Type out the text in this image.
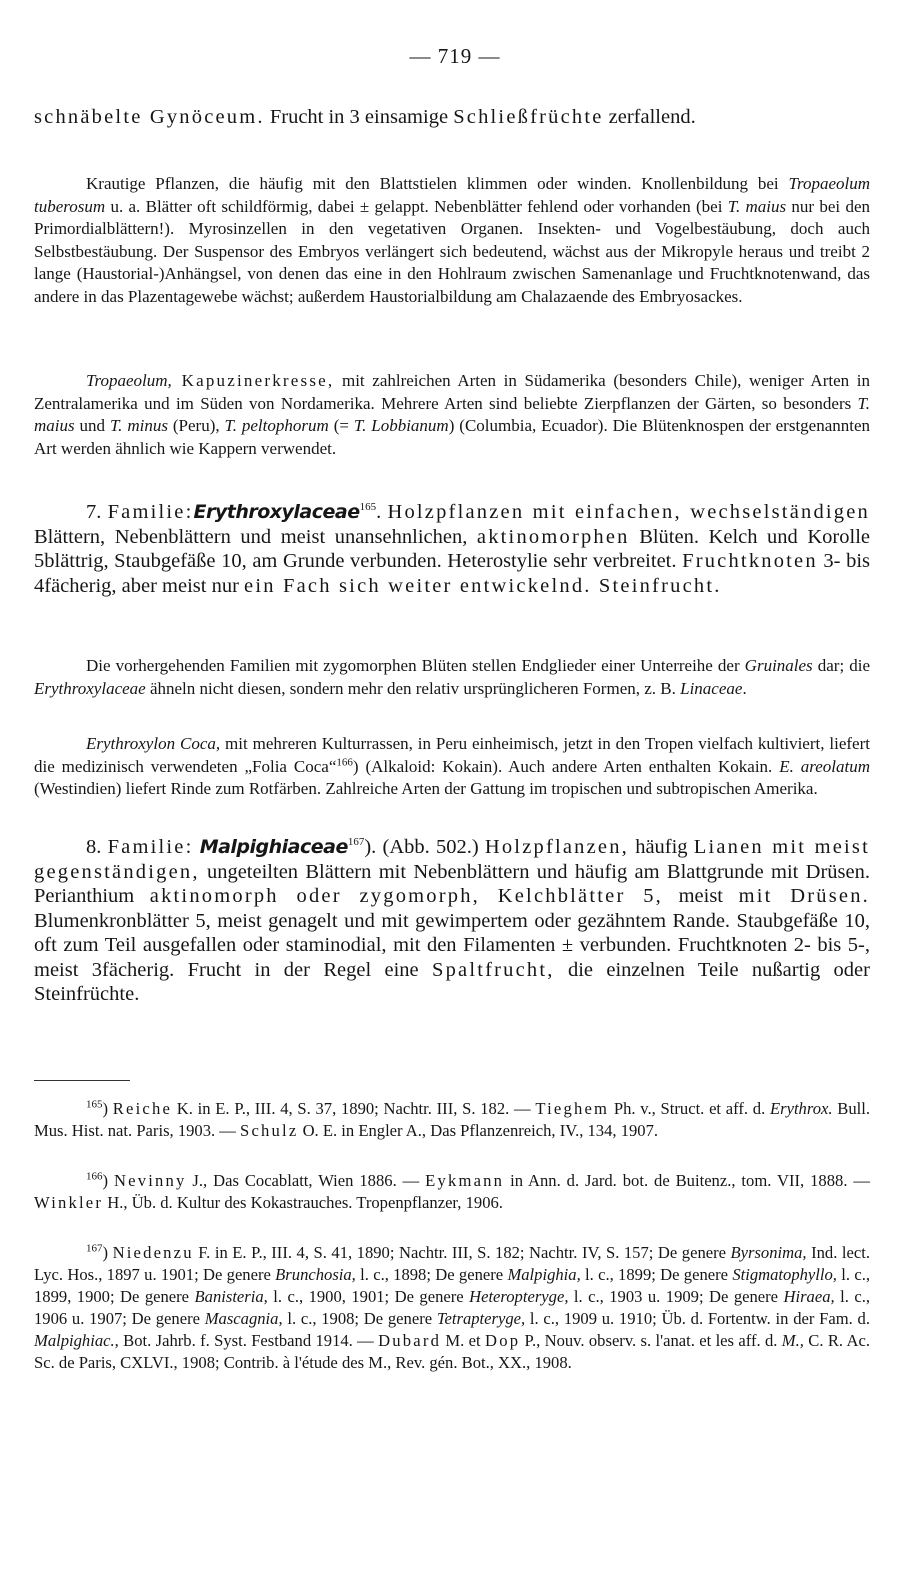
— 719 —

schnäbelte Gynöceum. Frucht in 3 einsamige Schließfrüchte zerfallend.

Krautige Pflanzen, die häufig mit den Blattstielen klimmen oder winden. Knollenbildung bei Tropaeolum tuberosum u. a. Blätter oft schildförmig, dabei ± gelappt. Nebenblätter fehlend oder vorhanden (bei T. maius nur bei den Primordialblättern!). Myrosinzellen in den vegetativen Organen. Insekten- und Vogelbestäubung, doch auch Selbstbestäubung. Der Suspensor des Embryos verlängert sich bedeutend, wächst aus der Mikropyle heraus und treibt 2 lange (Haustorial-)Anhängsel, von denen das eine in den Hohlraum zwischen Samenanlage und Fruchtknotenwand, das andere in das Plazentagewebe wächst; außerdem Haustorialbildung am Chalazaende des Embryosackes.

Tropaeolum, Kapuzinerkresse, mit zahlreichen Arten in Südamerika (besonders Chile), weniger Arten in Zentralamerika und im Süden von Nordamerika. Mehrere Arten sind beliebte Zierpflanzen der Gärten, so besonders T. maius und T. minus (Peru), T. peltophorum (= T. Lobbianum) (Columbia, Ecuador). Die Blütenknospen der erstgenannten Art werden ähnlich wie Kappern verwendet.

7. Familie:Erythroxylaceae$^{165}$. Holzpflanzen mit einfachen, wechselständigen Blättern, Nebenblättern und meist unansehnlichen, aktinomorphen Blüten. Kelch und Korolle 5blättrig, Staubgefäße 10, am Grunde verbunden. Heterostylie sehr verbreitet. Fruchtknoten 3- bis 4fächerig, aber meist nur ein Fach sich weiter entwickelnd. Steinfrucht.

Die vorhergehenden Familien mit zygomorphen Blüten stellen Endglieder einer Unterreihe der Gruinales dar; die Erythroxylaceae ähneln nicht diesen, sondern mehr den relativ ursprünglicheren Formen, z. B. Linaceae.

Erythroxylon Coca, mit mehreren Kulturrassen, in Peru einheimisch, jetzt in den Tropen vielfach kultiviert, liefert die medizinisch verwendeten „Folia Coca“$^{166}$) (Alkaloid: Kokain). Auch andere Arten enthalten Kokain. E. areolatum (Westindien) liefert Rinde zum Rotfärben. Zahlreiche Arten der Gattung im tropischen und subtropischen Amerika.

8. Familie: Malpighiaceae$^{167}$). (Abb. 502.) Holzpflanzen, häufig Lianen mit meist gegenständigen, ungeteilten Blättern mit Nebenblättern und häufig am Blattgrunde mit Drüsen. Perianthium aktinomorph oder zygomorph, Kelchblätter 5, meist mit Drüsen. Blumenkronblätter 5, meist genagelt und mit gewimpertem oder gezähntem Rande. Staubgefäße 10, oft zum Teil ausgefallen oder staminodial, mit den Filamenten ± verbunden. Fruchtknoten 2- bis 5-, meist 3fächerig. Frucht in der Regel eine Spaltfrucht, die einzelnen Teile nußartig oder Steinfrüchte.

$^{165}$) Reiche K. in E. P., III. 4, S. 37, 1890; Nachtr. III, S. 182. — Tieghem Ph. v., Struct. et aff. d. Erythrox. Bull. Mus. Hist. nat. Paris, 1903. — Schulz O. E. in Engler A., Das Pflanzenreich, IV., 134, 1907.

$^{166}$) Nevinny J., Das Cocablatt, Wien 1886. — Eykmann in Ann. d. Jard. bot. de Buitenz., tom. VII, 1888. — Winkler H., Üb. d. Kultur des Kokastrauches. Tropenpflanzer, 1906.

$^{167}$) Niedenzu F. in E. P., III. 4, S. 41, 1890; Nachtr. III, S. 182; Nachtr. IV, S. 157; De genere Byrsonima, Ind. lect. Lyc. Hos., 1897 u. 1901; De genere Brunchosia, l. c., 1898; De genere Malpighia, l. c., 1899; De genere Stigmatophyllo, l. c., 1899, 1900; De genere Banisteria, l. c., 1900, 1901; De genere Heteropteryge, l. c., 1903 u. 1909; De genere Hiraea, l. c., 1906 u. 1907; De genere Mascagnia, l. c., 1908; De genere Tetrapteryge, l. c., 1909 u. 1910; Üb. d. Fortentw. in der Fam. d. Malpighiac., Bot. Jahrb. f. Syst. Festband 1914. — Dubard M. et Dop P., Nouv. observ. s. l'anat. et les aff. d. M., C. R. Ac. Sc. de Paris, CXLVI., 1908; Contrib. à l'étude des M., Rev. gén. Bot., XX., 1908.
